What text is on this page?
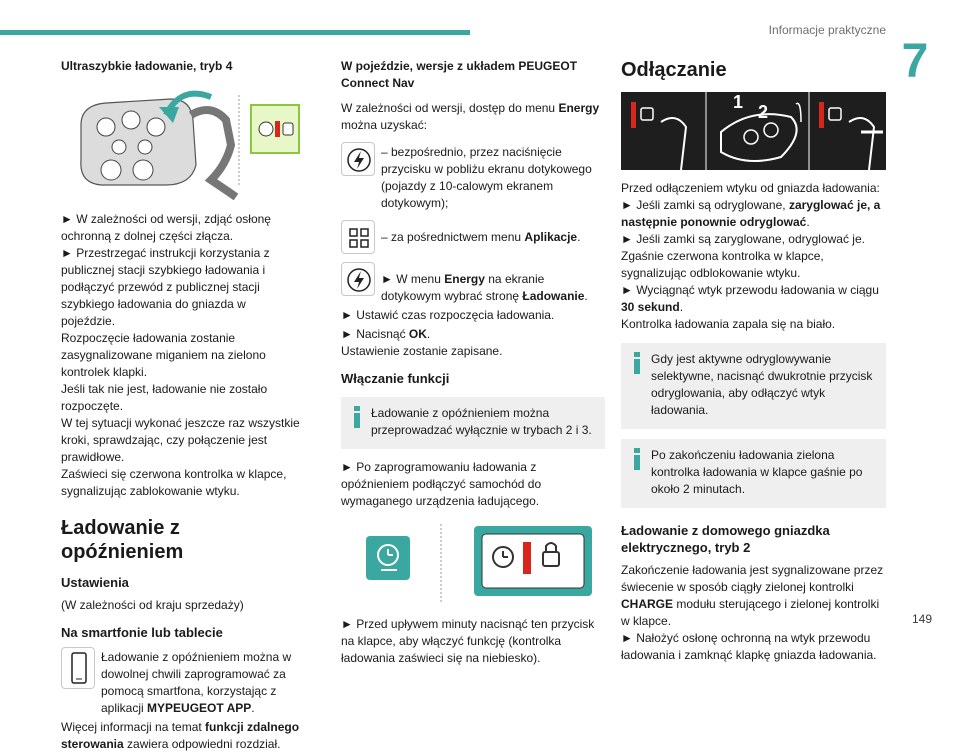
Informacje praktyczne
7
149
Ultraszybkie ładowanie, tryb 4

► W zależności od wersji, zdjąć osłonę ochronną z dolnej części złącza.

► Przestrzegać instrukcji korzystania z publicznej stacji szybkiego ładowania i podłączyć przewód z publicznej stacji szybkiego ładowania do gniazda w pojeździe.

Rozpoczęcie ładowania zostanie zasygnalizowane miganiem na zielono kontrolek klapki.

Jeśli tak nie jest, ładowanie nie zostało rozpoczęte.

W tej sytuacji wykonać jeszcze raz wszystkie kroki, sprawdzając, czy połączenie jest prawidłowe.

Zaświeci się czerwona kontrolka w klapce, sygnalizując zablokowanie wtyku.

Ładowanie z opóźnieniem
Ustawienia

(W zależności od kraju sprzedaży)

Na smartfonie lub tablecie
Ładowanie z opóźnieniem można w dowolnej chwili zaprogramować za pomocą smartfona, korzystając z aplikacji MYPEUGEOT APP.

Więcej informacji na temat funkcji zdalnego sterowania zawiera odpowiedni rozdział.

W pojeździe, wersje z układem PEUGEOT Connect Nav

W zależności od wersji, dostęp do menu Energy można uzyskać:

– bezpośrednio, przez naciśnięcie przycisku w pobliżu ekranu dotykowego (pojazdy z 10-calowym ekranem dotykowym);
– za pośrednictwem menu Aplikacje.
► W menu Energy na ekranie dotykowym wybrać stronę Ładowanie.

► Ustawić czas rozpoczęcia ładowania.

► Nacisnąć OK.

Ustawienie zostanie zapisane.

Włączanie funkcji
Ładowanie z opóźnieniem można przeprowadzać wyłącznie w trybach 2 i 3.

► Po zaprogramowaniu ładowania z opóźnieniem podłączyć samochód do wymaganego urządzenia ładującego.

► Przed upływem minuty nacisnąć ten przycisk na klapce, aby włączyć funkcję (kontrolka ładowania zaświeci się na niebiesko).

Odłączanie
1 2

Przed odłączeniem wtyku od gniazda ładowania:

► Jeśli zamki są odryglowane, zaryglować je, a następnie ponownie odryglować.

► Jeśli zamki są zaryglowane, odryglować je.

Zgaśnie czerwona kontrolka w klapce, sygnalizując odblokowanie wtyku.

► Wyciągnąć wtyk przewodu ładowania w ciągu 30 sekund.

Kontrolka ładowania zapala się na biało.

Gdy jest aktywne odryglowywanie selektywne, nacisnąć dwukrotnie przycisk odryglowania, aby odłączyć wtyk ładowania.
Po zakończeniu ładowania zielona kontrolka ładowania w klapce gaśnie po około 2 minutach.
Ładowanie z domowego gniazdka elektrycznego, tryb 2

Zakończenie ładowania jest sygnalizowane przez świecenie w sposób ciągły zielonej kontrolki CHARGE modułu sterującego i zielonej kontrolki w klapce.

► Nałożyć osłonę ochronną na wtyk przewodu ładowania i zamknąć klapkę gniazda ładowania.
